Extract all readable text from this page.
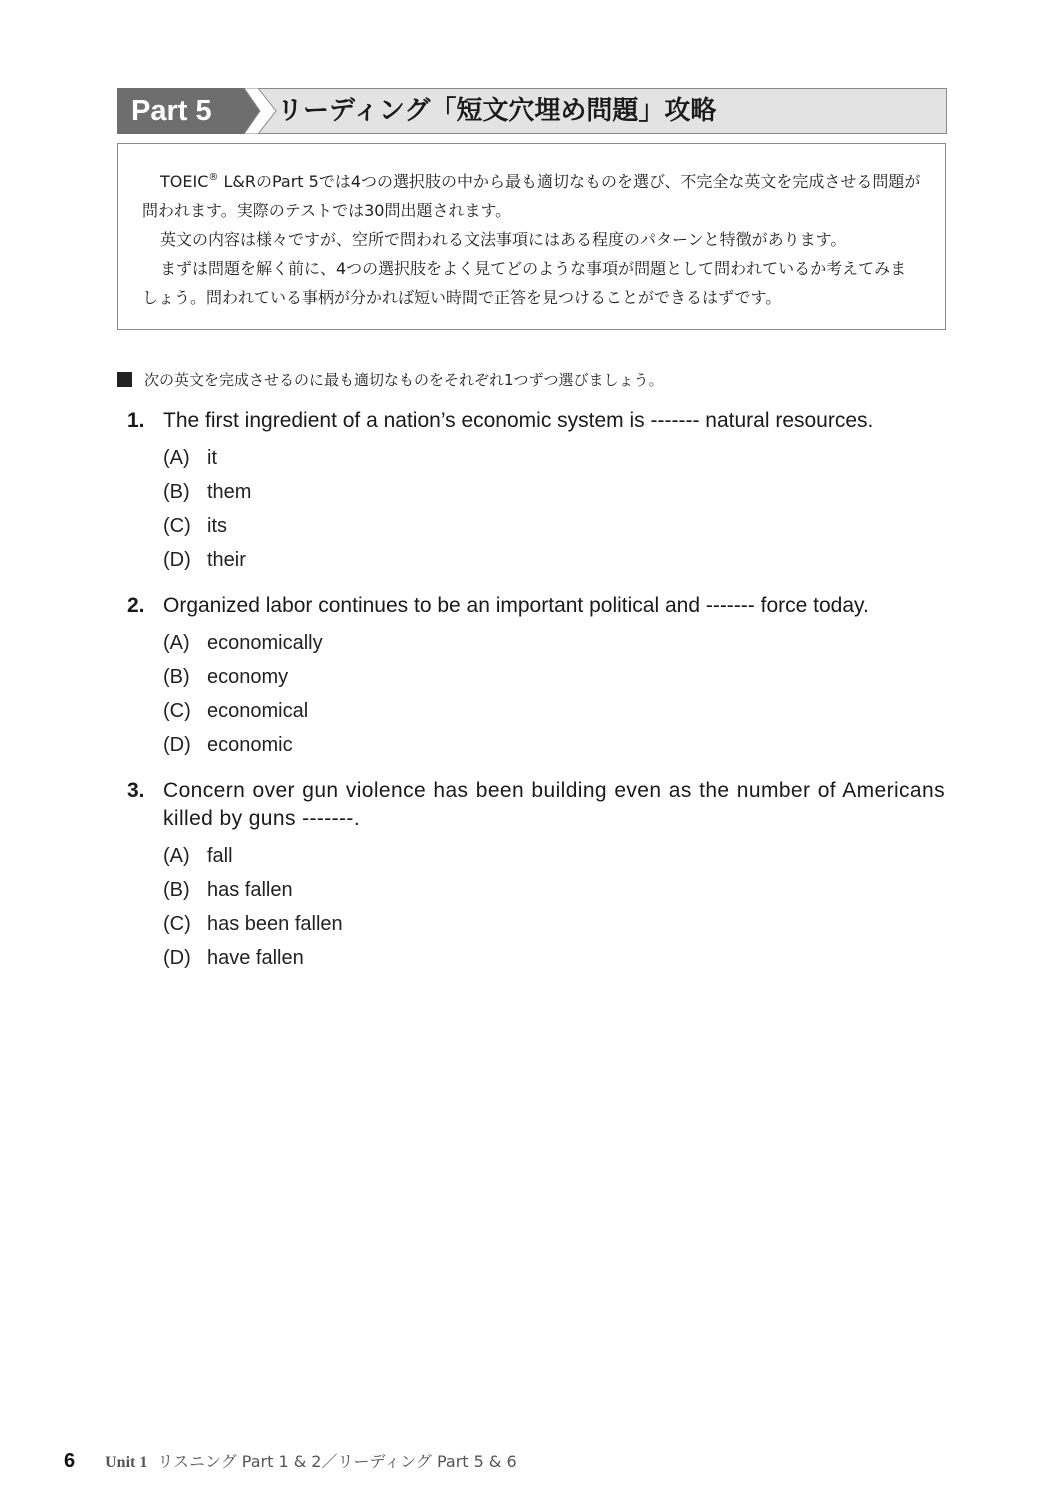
Part 5	リーディング「短文穴埋め問題」攻略

TOEIC® L&RのPart 5では4つの選択肢の中から最も適切なものを選び、不完全な英文を完成させる問題が問われます。実際のテストでは30問出題されます。

英文の内容は様々ですが、空所で問われる文法事項にはある程度のパターンと特徴があります。

まずは問題を解く前に、4つの選択肢をよく見てどのような事項が問題として問われているか考えてみましょう。問われている事柄が分かれば短い時間で正答を見つけることができるはずです。

次の英文を完成させるのに最も適切なものをそれぞれ1つずつ選びましょう。
1. The first ingredient of a nation’s economic system is ------- natural resources.
(A) it
(B) them
(C) its
(D) their
2. Organized labor continues to be an important political and ------- force today.
(A) economically
(B) economy
(C) economical
(D) economic
3. Concern over gun violence has been building even as the number of Americans killed by guns -------.
(A) fall
(B) has fallen
(C) has been fallen
(D) have fallen
6 Unit 1 リスニング Part 1 & 2／リーディング Part 5 & 6
